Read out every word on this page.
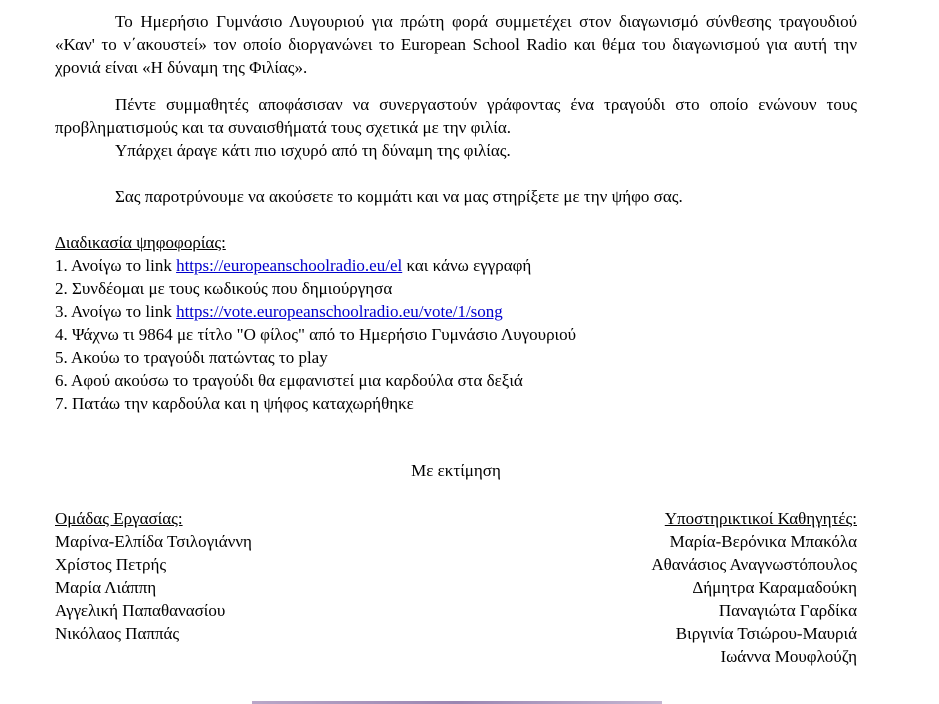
Το Ημερήσιο Γυμνάσιο Λυγουριού για πρώτη φορά συμμετέχει στον διαγωνισμό σύνθεσης τραγουδιού «Καν' το ν΄ακουστεί» τον οποίο διοργανώνει το European School Radio και θέμα του διαγωνισμού για αυτή την χρονιά είναι «Η δύναμη της Φιλίας».

Πέντε συμμαθητές αποφάσισαν να συνεργαστούν γράφοντας ένα τραγούδι στο οποίο ενώνουν τους προβληματισμούς και τα συναισθήματά τους σχετικά με την φιλία.

Υπάρχει άραγε κάτι πιο ισχυρό από τη δύναμη της φιλίας.

Σας παροτρύνουμε να ακούσετε το κομμάτι και να μας στηρίξετε με την ψήφο σας.

Διαδικασία ψηφοφορίας:

1. Ανοίγω το link https://europeanschoolradio.eu/el και κάνω εγγραφή
2. Συνδέομαι με τους κωδικούς που δημιούργησα
3. Ανοίγω το link https://vote.europeanschoolradio.eu/vote/1/song
4. Ψάχνω τι 9864 με τίτλο "Ο φίλος" από το Ημερήσιο Γυμνάσιο Λυγουριού
5. Ακούω το τραγούδι πατώντας το play
6. Αφού ακούσω το τραγούδι θα εμφανιστεί μια καρδούλα στα δεξιά
7. Πατάω την καρδούλα και η ψήφος καταχωρήθηκε

Με εκτίμηση

Ομάδας Εργασίας:
Μαρίνα-Ελπίδα Τσιλογιάννη
Χρίστος Πετρής
Μαρία Λιάππη
Αγγελική Παπαθανασίου
Νικόλαος Παππάς
Υποστηρικτικοί Καθηγητές:
Μαρία-Βερόνικα Μπακόλα
Αθανάσιος Αναγνωστόπουλος
Δήμητρα Καραμαδούκη
Παναγιώτα Γαρδίκα
Βιργινία Τσιώρου-Μαυριά
Ιωάννα Μουφλούζη
